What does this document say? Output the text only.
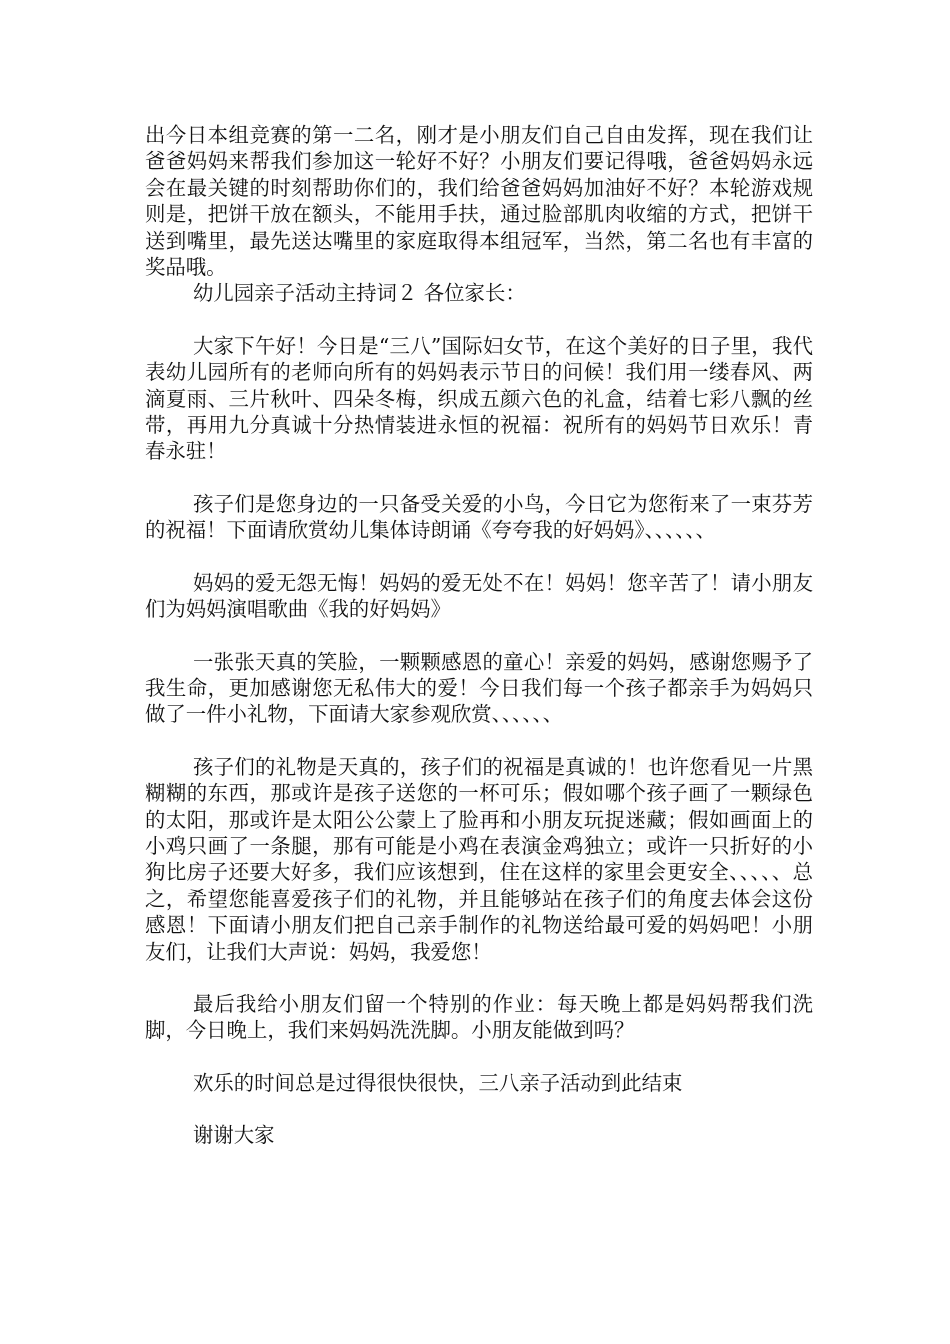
出今日本组竞赛的第一二名，刚才是小朋友们自己自由发挥，现在我们让爸爸妈妈来帮我们参加这一轮好不好？小朋友们要记得哦，爸爸妈妈永远会在最关键的时刻帮助你们的，我们给爸爸妈妈加油好不好？本轮游戏规则是，把饼干放在额头，不能用手扶，通过脸部肌肉收缩的方式，把饼干送到嘴里，最先送达嘴里的家庭取得本组冠军，当然，第二名也有丰富的奖品哦。

幼儿园亲子活动主持词２ 各位家长：

大家下午好！今日是“三八”国际妇女节，在这个美好的日子里，我代表幼儿园所有的老师向所有的妈妈表示节日的问候！我们用一缕春风、两滴夏雨、三片秋叶、四朵冬梅，织成五颜六色的礼盒，结着七彩八飘的丝带，再用九分真诚十分热情装进永恒的祝福：祝所有的妈妈节日欢乐！青春永驻！

孩子们是您身边的一只备受关爱的小鸟，今日它为您衔来了一束芬芳的祝福！下面请欣赏幼儿集体诗朗诵《夸夸我的好妈妈》、、、、、、

妈妈的爱无怨无悔！妈妈的爱无处不在！妈妈！您辛苦了！请小朋友们为妈妈演唱歌曲《我的好妈妈》

一张张天真的笑脸，一颗颗感恩的童心！亲爱的妈妈，感谢您赐予了我生命，更加感谢您无私伟大的爱！今日我们每一个孩子都亲手为妈妈只做了一件小礼物，下面请大家参观欣赏、、、、、、

孩子们的礼物是天真的，孩子们的祝福是真诚的！也许您看见一片黑糊糊的东西，那或许是孩子送您的一杯可乐；假如哪个孩子画了一颗绿色的太阳，那或许是太阳公公蒙上了脸再和小朋友玩捉迷藏；假如画面上的小鸡只画了一条腿，那有可能是小鸡在表演金鸡独立；或许一只折好的小狗比房子还要大好多，我们应该想到，住在这样的家里会更安全、、、、、总之，希望您能喜爱孩子们的礼物，并且能够站在孩子们的角度去体会这份感恩！下面请小朋友们把自己亲手制作的礼物送给最可爱的妈妈吧！小朋友们，让我们大声说：妈妈，我爱您！

最后我给小朋友们留一个特别的作业：每天晚上都是妈妈帮我们洗脚，今日晚上，我们来妈妈洗洗脚。小朋友能做到吗？

欢乐的时间总是过得很快很快，三八亲子活动到此结束

谢谢大家
